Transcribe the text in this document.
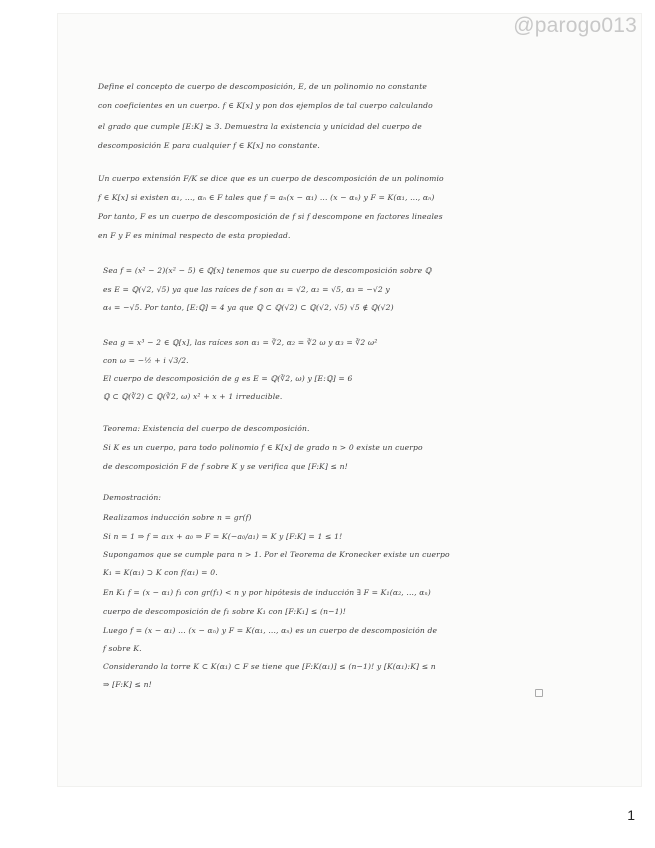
@parogo013
Define el concepto de cuerpo de descomposición, E, de un polinomio no constante
con coeficientes en un cuerpo. f ∈ K[x] y pon dos ejemplos de tal cuerpo calculando
el grado que cumple [E:K] ≥ 3. Demuestra la existencia y unicidad del cuerpo de
descomposición E para cualquier f ∈ K[x] no constante.
Un cuerpo extensión F/K se dice que es un cuerpo de descomposición de un polinomio
f ∈ K[x] si existen α₁, ..., αₙ ∈ F tales que f = aₙ(x − α₁) ... (x − αₙ) y F = K(α₁, ..., αₙ)
Por tanto, F es un cuerpo de descomposición de f si f descompone en factores lineales
en F y F es minimal respecto de esta propiedad.
Sea f = (x² − 2)(x² − 5) ∈ ℚ[x] tenemos que su cuerpo de descomposición sobre ℚ
es E = ℚ(√2, √5) ya que las raíces de f son α₁ = √2, α₂ = √5, α₃ = −√2 y
α₄ = −√5. Por tanto, [E:ℚ] = 4 ya que ℚ ⊂ ℚ(√2) ⊂ ℚ(√2, √5) √5 ∉ ℚ(√2)
Sea g = x³ − 2 ∈ ℚ[x], las raíces son α₁ = ∛2, α₂ = ∛2 ω y α₃ = ∛2 ω²
con ω = −½ + i √3/2.
El cuerpo de descomposición de g es E = ℚ(∛2, ω) y [E:ℚ] = 6
ℚ ⊂ ℚ(∛2) ⊂ ℚ(∛2, ω) x² + x + 1 irreducible.
Teorema: Existencia del cuerpo de descomposición.
Si K es un cuerpo, para todo polinomio f ∈ K[x] de grado n > 0 existe un cuerpo
de descomposición F de f sobre K y se verifica que [F:K] ≤ n!
Demostración:
Realizamos inducción sobre n = gr(f)
Si n = 1 ⇒ f = a₁x + a₀ ⇒ F = K(−a₀/a₁) = K y [F:K] = 1 ≤ 1!
Supongamos que se cumple para n > 1. Por el Teorema de Kronecker existe un cuerpo
K₁ = K(α₁) ⊃ K con f(α₁) = 0.
En K₁ f = (x − α₁) f₁ con gr(f₁) < n y por hipótesis de inducción ∃ F = K₁(α₂, ..., αₙ)
cuerpo de descomposición de f₁ sobre K₁ con [F:K₁] ≤ (n−1)!
Luego f = (x − α₁) ... (x − αₙ) y F = K(α₁, ..., αₙ) es un cuerpo de descomposición de
f sobre K.
Considerando la torre K ⊂ K(α₁) ⊂ F se tiene que [F:K(α₁)] ≤ (n−1)! y [K(α₁):K] ≤ n
⇒ [F:K] ≤ n!
1
